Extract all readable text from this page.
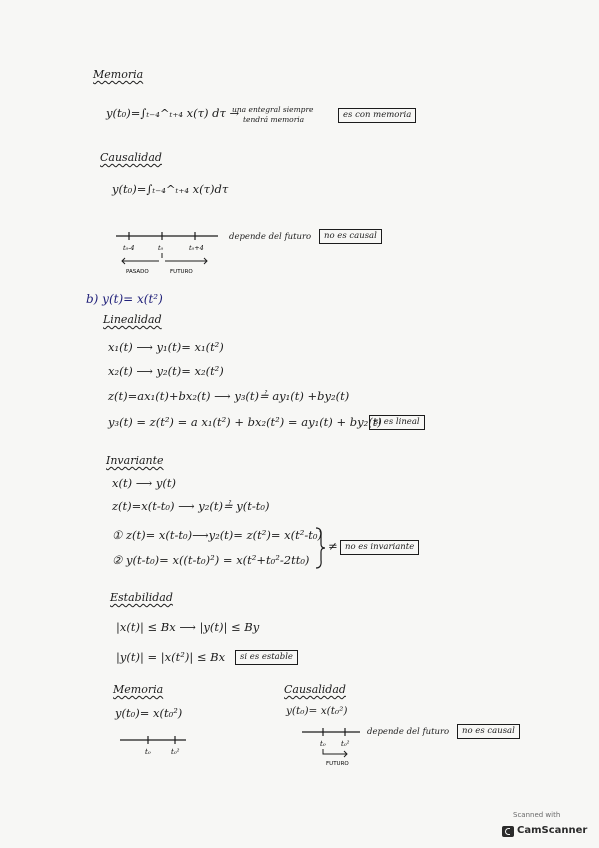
Memoria
y(t₀)=∫ₜ₋₄^ₜ₊₄ x(τ) dτ →
una entegral siempre
tendrá memoria	es con memoria
Causalidad
y(t₀)=∫ₜ₋₄^ₜ₊₄ x(τ)dτ
t₀-4	t₀	t₀+4
PASADO	FUTURO
depende del futuro	no es causal
b) y(t)= x(t²)
Linealidad
x₁(t) ⟶ y₁(t)= x₁(t²)
x₂(t) ⟶ y₂(t)= x₂(t²)
z(t)=ax₁(t)+bx₂(t) ⟶ y₃(t)≟ ay₁(t) +by₂(t)
y₃(t) = z(t²) = a x₁(t²) + bx₂(t²) = ay₁(t) + by₂(t)
si es lineal
Invariante
x(t) ⟶ y(t)
z(t)=x(t-t₀) ⟶ y₂(t)≟ y(t-t₀)
① z(t)= x(t-t₀)⟶y₂(t)= z(t²)= x(t²-t₀)
② y(t-t₀)= x((t-t₀)²) = x(t²+t₀²-2tt₀)
≠ no es invariante
Estabilidad
|x(t)| ≤ Bx ⟶ |y(t)| ≤ By
|y(t)| = |x(t²)| ≤ Bx	si es estable
Memoria
y(t₀)= x(t₀²)
t₀	t₀²
Causalidad
y(t₀)= x(t₀²)
t₀ t₀²
FUTURO
depende del futuro	no es causal
Scanned with
CamScanner
